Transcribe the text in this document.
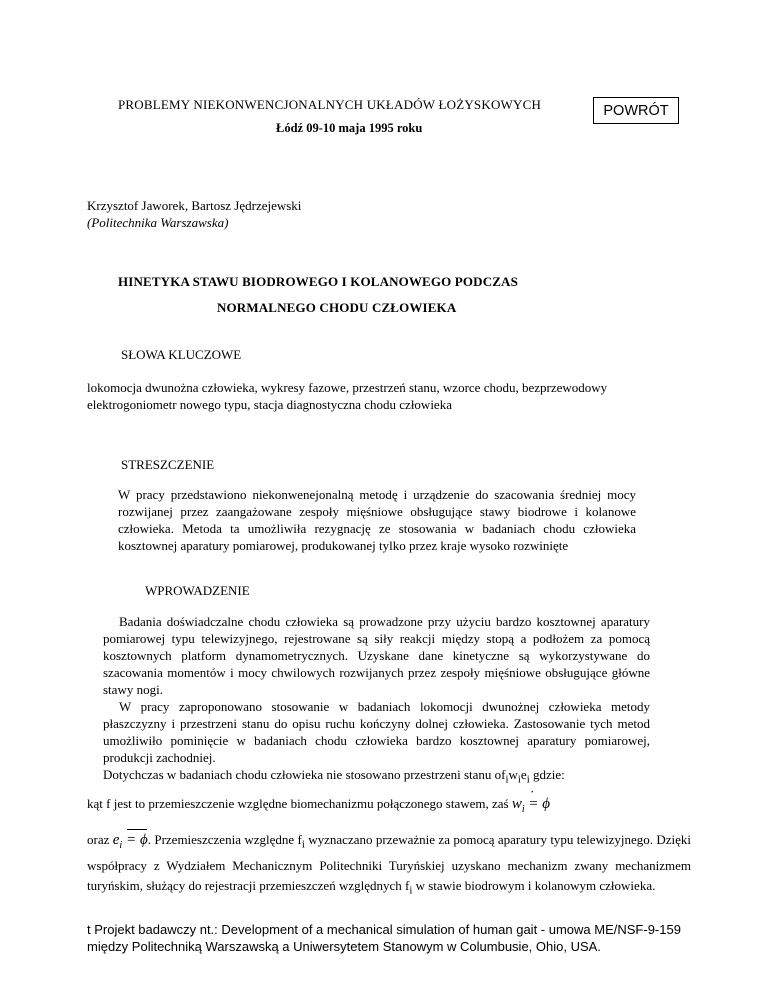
PROBLEMY NIEKONWENCJONALNYCH UKŁADÓW ŁOŻYSKOWYCH
Łódź 09-10 maja 1995 roku
POWRÓT
Krzysztof Jaworek, Bartosz Jędrzejewski
(Politechnika Warszawska)
HINETYKA STAWU BIODROWEGO I KOLANOWEGO PODCZAS
NORMALNEGO CHODU CZŁOWIEKA
SŁOWA KLUCZOWE
lokomocja dwunożna człowieka, wykresy fazowe, przestrzeń stanu, wzorce chodu, bezprzewodowy elektrogoniometr nowego typu, stacja diagnostyczna chodu człowieka
STRESZCZENIE
W pracy przedstawiono niekonwenejonalną metodę i urządzenie do szacowania średniej mocy rozwijanej przez zaangażowane zespoły mięśniowe obsługujące stawy biodrowe i kolanowe człowieka. Metoda ta umożliwiła rezygnację ze stosowania w badaniach chodu człowieka kosztownej aparatury pomiarowej, produkowanej tylko przez kraje wysoko rozwinięte
WPROWADZENIE

Badania doświadczalne chodu człowieka są prowadzone przy użyciu bardzo kosztownej aparatury pomiarowej typu telewizyjnego, rejestrowane są siły reakcji między stopą a podłożem za pomocą kosztownych platform dynamometrycznych. Uzyskane dane kinetyczne są wykorzystywane do szacowania momentów i mocy chwilowych rozwijanych przez zespoły mięśniowe obsługujące główne stawy nogi.

W pracy zaproponowano stosowanie w badaniach lokomocji dwunożnej człowieka metody płaszczyzny i przestrzeni stanu do opisu ruchu kończyny dolnej człowieka. Zastosowanie tych metod umożliwiło pominięcie w badaniach chodu człowieka bardzo kosztownej aparatury pomiarowej, produkcji zachodniej.

Dotychczas w badaniach chodu człowieka nie stosowano przestrzeni stanu $of_iw_ie_i$ gdzie:

kąt f jest to przemieszczenie względne biomechanizmu połączonego stawem, zaś $w_i = \phi$ ·
oraz $e_i = \phi$. Przemieszczenia względne $f_i$ wyznaczano przeważnie za pomocą aparatury typu telewizyjnego. Dzięki współpracy z Wydziałem Mechanicznym Politechniki Turyńskiej uzyskano mechanizm zwany mechanizmem turyńskim, służący do rejestracji przemieszczeń względnych $f_i$ w stawie biodrowym i kolanowym człowieka.
t Projekt badawczy nt.: Development of a mechanical simulation of human gait - umowa ME/NSF-9-159 między Politechniką Warszawską a Uniwersytetem Stanowym w Columbusie, Ohio, USA.
